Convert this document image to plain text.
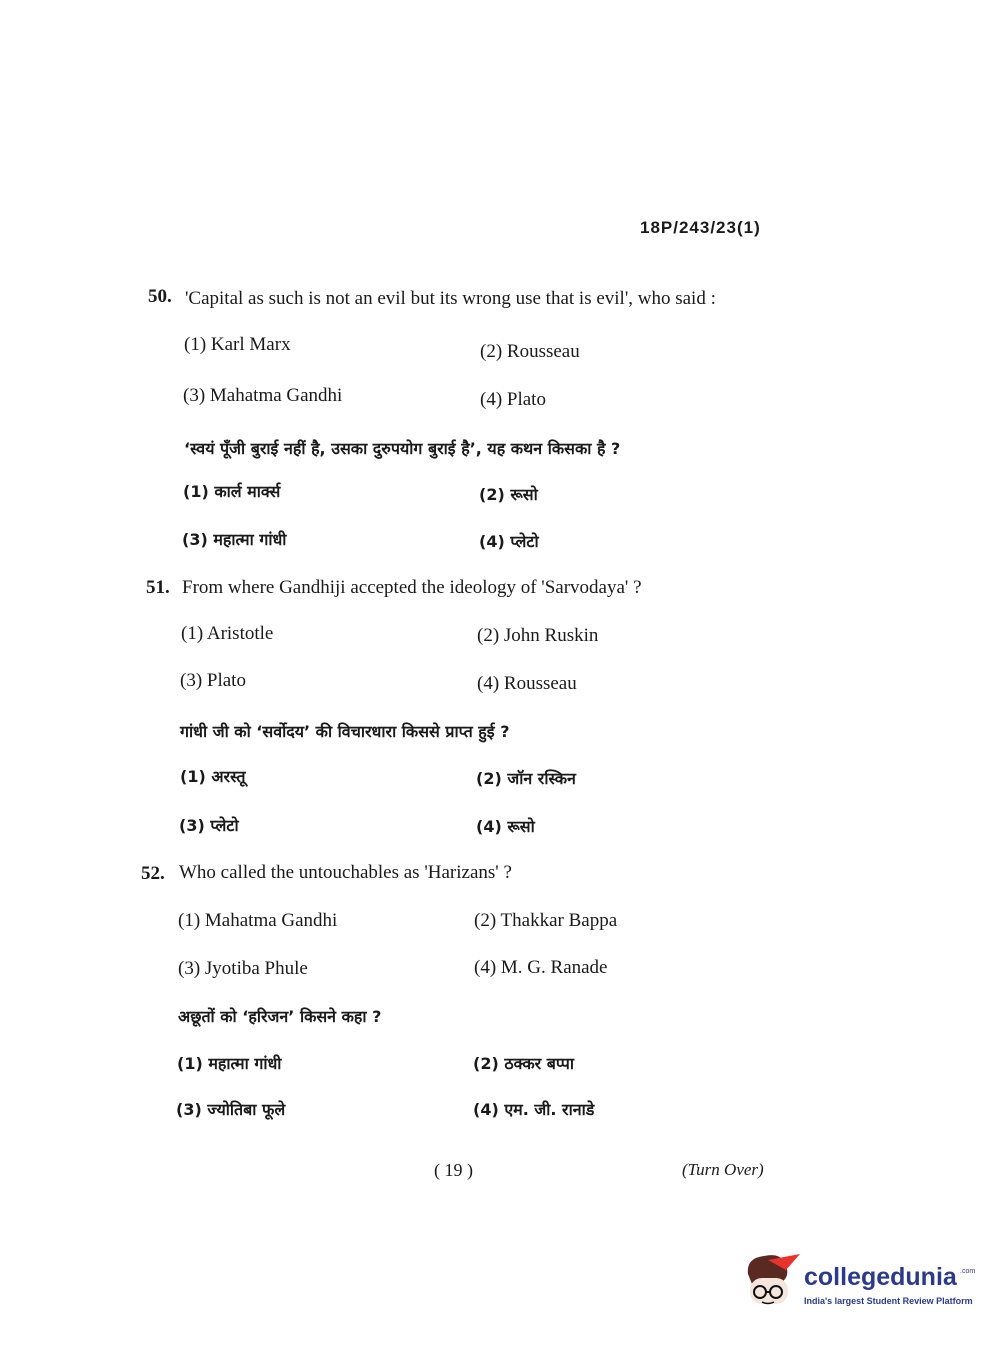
18P/243/23(1)
50. 'Capital as such is not an evil but its wrong use that is evil', who said :
(1) Karl Marx	(2) Rousseau
(3) Mahatma Gandhi	(4) Plato
‘स्वयं पूँजी बुराई नहीं है, उसका दुरुपयोग बुराई है’, यह कथन किसका है ?
(1) कार्ल मार्क्स	(2) रूसो
(3) महात्मा गांधी	(4) प्लेटो
51. From where Gandhiji accepted the ideology of 'Sarvodaya' ?
(1) Aristotle	(2) John Ruskin
(3) Plato	(4) Rousseau
गांधी जी को ‘सर्वोदय’ की विचारधारा किससे प्राप्त हुई ?
(1) अरस्तू	(2) जॉन रस्किन
(3) प्लेटो	(4) रूसो
52. Who called the untouchables as 'Harizans' ?
(1) Mahatma Gandhi	(2) Thakkar Bappa
(3) Jyotiba Phule	(4) M. G. Ranade
अछूतों को ‘हरिजन’ किसने कहा ?
(1) महात्मा गांधी	(2) ठक्कर बप्पा
(3) ज्योतिबा फूले	(4) एम. जी. रानाडे
( 19 )	(Turn Over)
collegedunia .com
India's largest Student Review Platform
